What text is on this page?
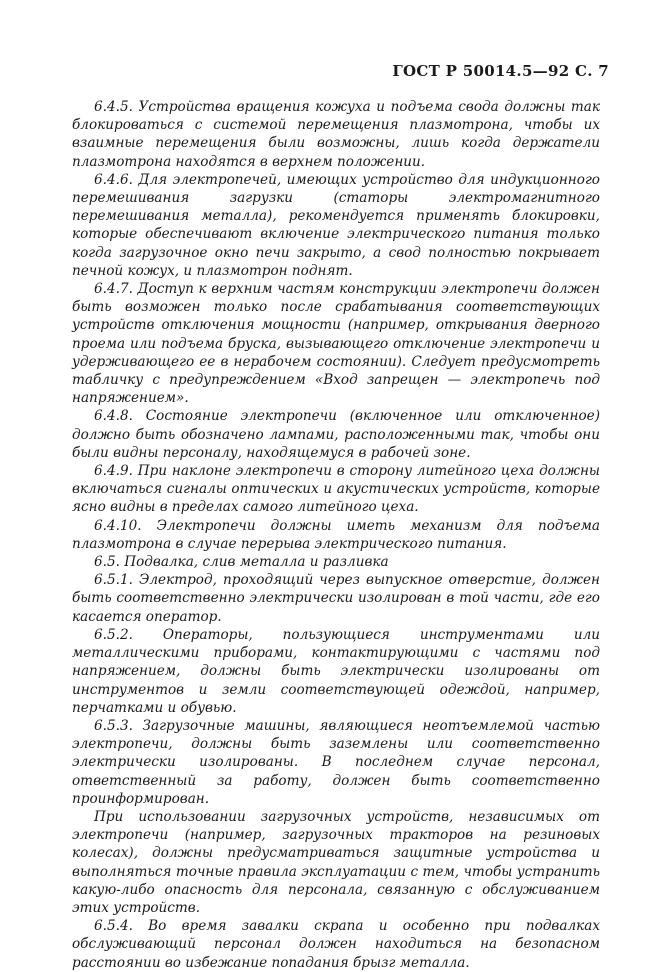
ГОСТ Р 50014.5—92 С. 7

6.4.5. Устройства вращения кожуха и подъема свода должны так блокироваться с системой перемещения плазмотрона, чтобы их взаимные перемещения были возможны, лишь когда держатели плазмотрона находятся в верхнем положении.

6.4.6. Для электропечей, имеющих устройство для индукционного перемешивания загрузки (статоры электромагнитного перемешивания металла), рекомендуется применять блокировки, которые обеспечивают включение электрического питания только когда загрузочное окно печи закрыто, а свод полностью покрывает печной кожух, и плазмотрон поднят.

6.4.7. Доступ к верхним частям конструкции электропечи должен быть возможен только после срабатывания соответствующих устройств отключения мощности (например, открывания дверного проема или подъема бруска, вызывающего отключение электропечи и удерживающего ее в нерабочем состоянии). Следует предусмотреть табличку с предупреждением «Вход запрещен — электропечь под напряжением».

6.4.8. Состояние электропечи (включенное или отключенное) должно быть обозначено лампами, расположенными так, чтобы они были видны персоналу, находящемуся в рабочей зоне.

6.4.9. При наклоне электропечи в сторону литейного цеха должны включаться сигналы оптических и акустических устройств, которые ясно видны в пределах самого литейного цеха.

6.4.10. Электропечи должны иметь механизм для подъема плазмотрона в случае перерыва электрического питания.

6.5. Подвалка, слив металла и разливка

6.5.1. Электрод, проходящий через выпускное отверстие, должен быть соответственно электрически изолирован в той части, где его касается оператор.

6.5.2. Операторы, пользующиеся инструментами или металлическими приборами, контактирующими с частями под напряжением, должны быть электрически изолированы от инструментов и земли соответствующей одеждой, например, перчатками и обувью.

6.5.3. Загрузочные машины, являющиеся неотъемлемой частью электропечи, должны быть заземлены или соответственно электрически изолированы. В последнем случае персонал, ответственный за работу, должен быть соответственно проинформирован.

При использовании загрузочных устройств, независимых от электропечи (например, загрузочных тракторов на резиновых колесах), должны предусматриваться защитные устройства и выполняться точные правила эксплуатации с тем, чтобы устранить какую-либо опасность для персонала, связанную с обслуживанием этих устройств.

6.5.4. Во время завалки скрапа и особенно при подвалках обслуживающий персонал должен находиться на безопасном расстоянии во избежание попадания брызг металла.
